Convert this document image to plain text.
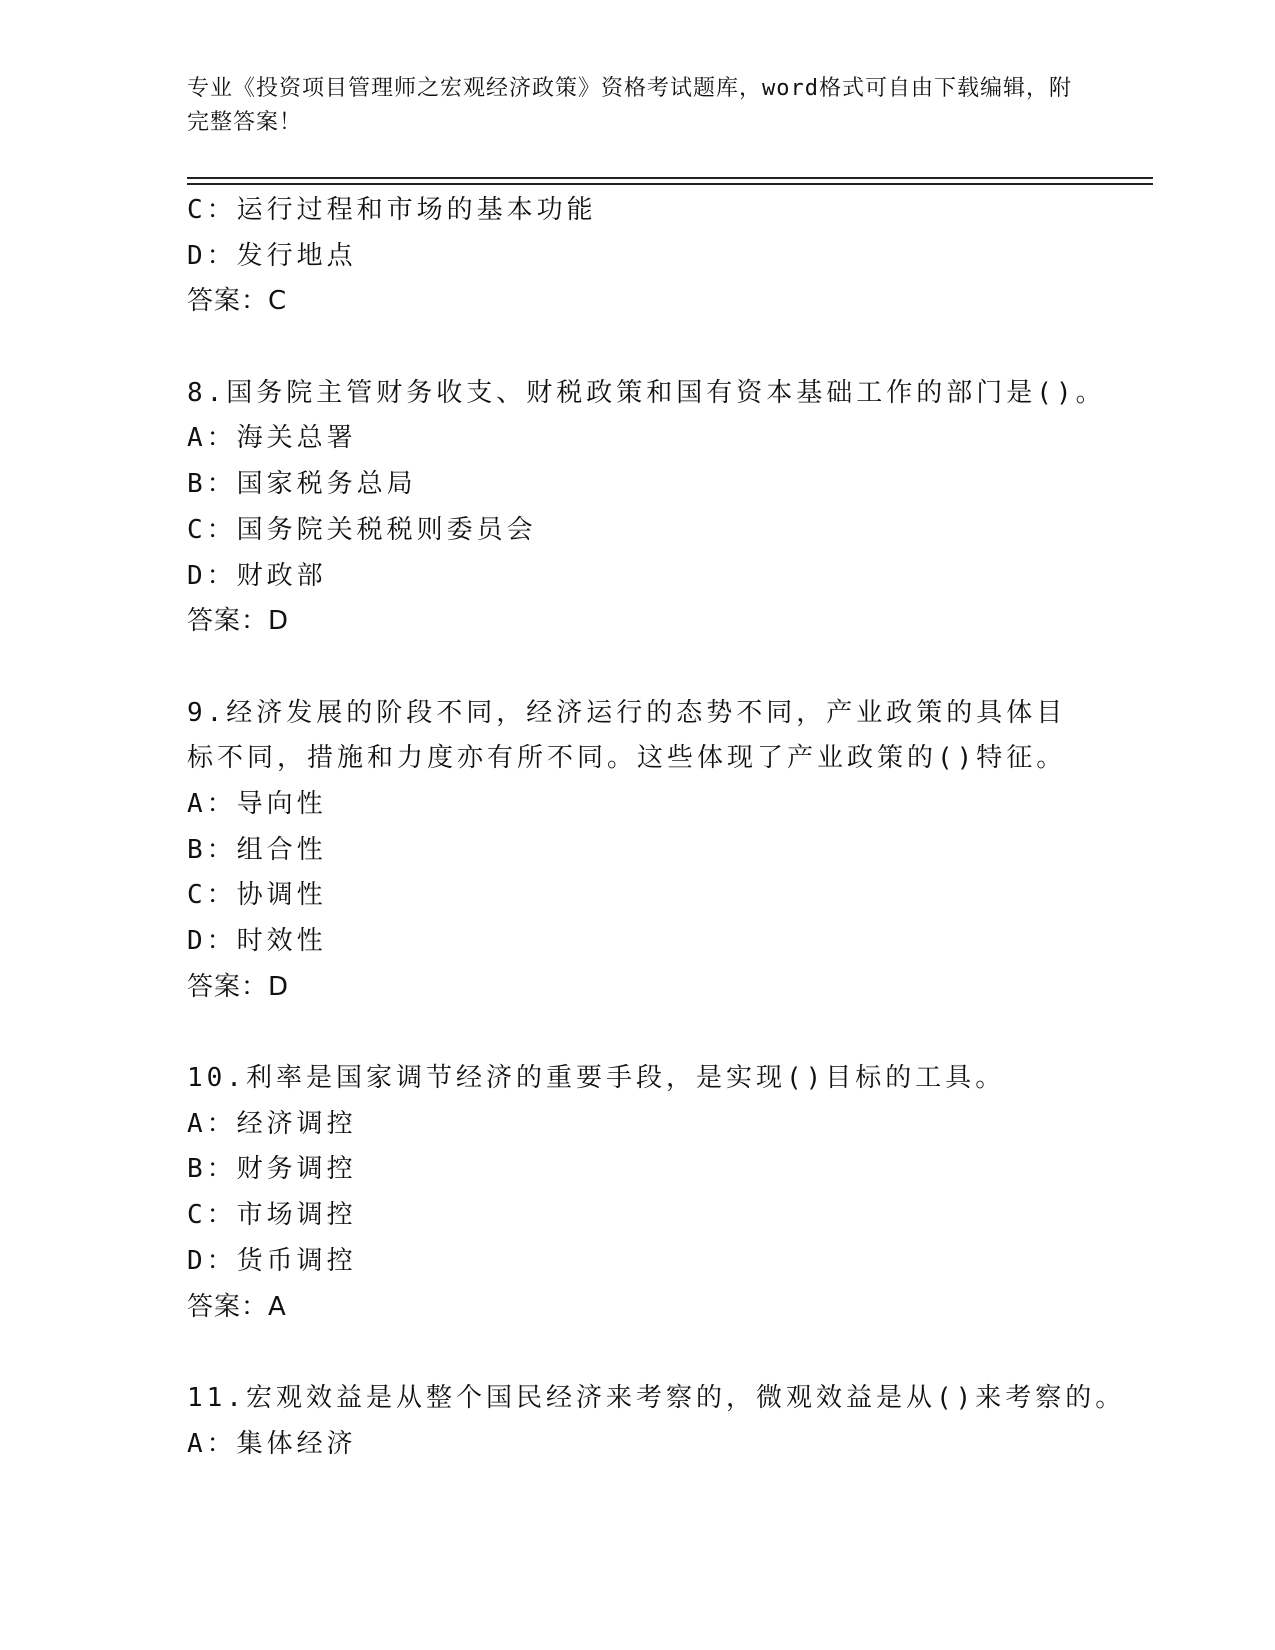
专业《投资项目管理师之宏观经济政策》资格考试题库，word格式可自由下载编辑，附完整答案！
C：运行过程和市场的基本功能
D：发行地点
答案：C
8.国务院主管财务收支、财税政策和国有资本基础工作的部门是()。
A：海关总署
B：国家税务总局
C：国务院关税税则委员会
D：财政部
答案：D
9.经济发展的阶段不同，经济运行的态势不同，产业政策的具体目标不同，措施和力度亦有所不同。这些体现了产业政策的()特征。
A：导向性
B：组合性
C：协调性
D：时效性
答案：D
10.利率是国家调节经济的重要手段，是实现()目标的工具。
A：经济调控
B：财务调控
C：市场调控
D：货币调控
答案：A
11.宏观效益是从整个国民经济来考察的，微观效益是从()来考察的。
A：集体经济
